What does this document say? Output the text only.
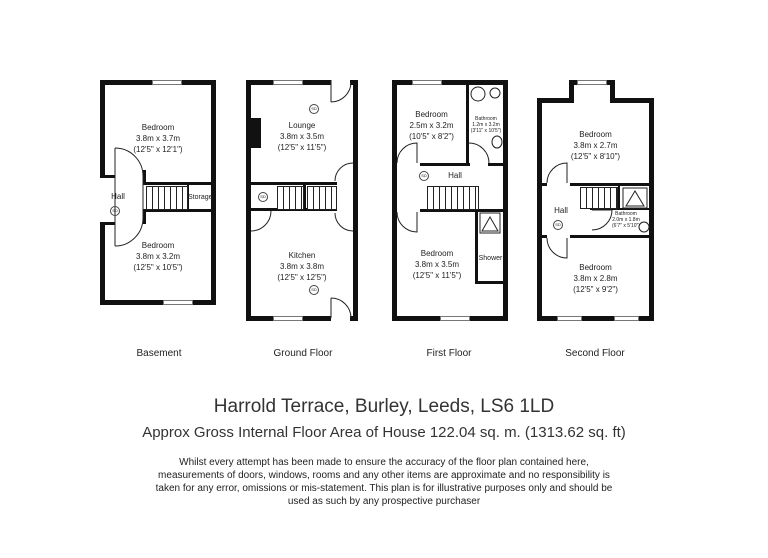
Bedroom
3.8m x 3.7m
(12'5" x 12'1")
Hall
SD
Storage
Bedroom
3.8m x 3.2m
(12'5" x 10'5")
Basement
SD
SD
SD
Lounge
3.8m x 3.5m
(12'5" x 11'5")
Kitchen
3.8m x 3.8m
(12'5" x 12'5")
Ground Floor
Bedroom
2.5m x 3.2m
(10'5" x 8'2")
Bathroom
1.2m x 3.2m
(3'11" x 10'5")
Hall
SD
Bedroom
3.8m x 3.5m
(12'5" x 11'5")
Shower
First Floor
Bedroom
3.8m x 2.7m
(12'5" x 8'10")
Hall
SD
Bathroom
2.0m x 1.8m
(6'7" x 5'10")
Bedroom
3.8m x 2.8m
(12'5" x 9'2")
Second Floor
Harrold Terrace, Burley, Leeds, LS6 1LD
Approx Gross Internal Floor Area of House 122.04 sq. m. (1313.62 sq. ft)
Whilst every attempt has been made to ensure the accuracy of the floor plan contained here, measurements of doors, windows, rooms and any other items are approximate and no responsibility is taken for any error, omissions or mis-statement. This plan is for illustrative purposes only and should be used as such by any prospective purchaser
